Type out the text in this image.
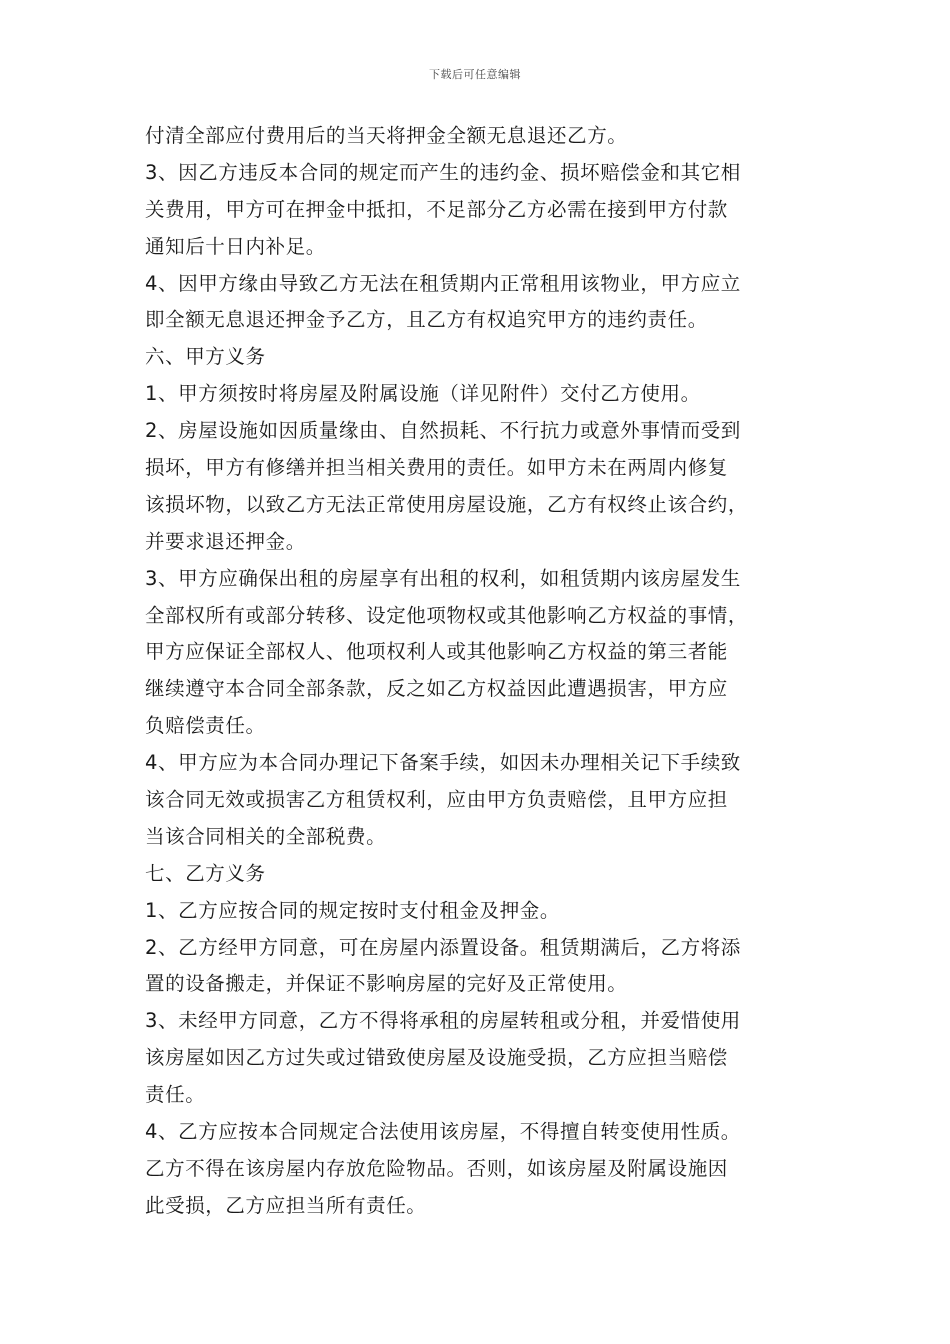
下载后可任意编辑
付清全部应付费用后的当天将押金全额无息退还乙方。
3、因乙方违反本合同的规定而产生的违约金、损坏赔偿金和其它相
关费用，甲方可在押金中抵扣，不足部分乙方必需在接到甲方付款
通知后十日内补足。
4、因甲方缘由导致乙方无法在租赁期内正常租用该物业，甲方应立
即全额无息退还押金予乙方，且乙方有权追究甲方的违约责任。
六、甲方义务
1、甲方须按时将房屋及附属设施（详见附件）交付乙方使用。
2、房屋设施如因质量缘由、自然损耗、不行抗力或意外事情而受到
损坏，甲方有修缮并担当相关费用的责任。如甲方未在两周内修复
该损坏物，以致乙方无法正常使用房屋设施，乙方有权终止该合约，
并要求退还押金。
3、甲方应确保出租的房屋享有出租的权利，如租赁期内该房屋发生
全部权所有或部分转移、设定他项物权或其他影响乙方权益的事情，
甲方应保证全部权人、他项权利人或其他影响乙方权益的第三者能
继续遵守本合同全部条款，反之如乙方权益因此遭遇损害，甲方应
负赔偿责任。
4、甲方应为本合同办理记下备案手续，如因未办理相关记下手续致
该合同无效或损害乙方租赁权利，应由甲方负责赔偿，且甲方应担
当该合同相关的全部税费。
七、乙方义务
1、乙方应按合同的规定按时支付租金及押金。
2、乙方经甲方同意，可在房屋内添置设备。租赁期满后，乙方将添
置的设备搬走，并保证不影响房屋的完好及正常使用。
3、未经甲方同意，乙方不得将承租的房屋转租或分租，并爱惜使用
该房屋如因乙方过失或过错致使房屋及设施受损，乙方应担当赔偿
责任。
4、乙方应按本合同规定合法使用该房屋，不得擅自转变使用性质。
乙方不得在该房屋内存放危险物品。否则，如该房屋及附属设施因
此受损，乙方应担当所有责任。
